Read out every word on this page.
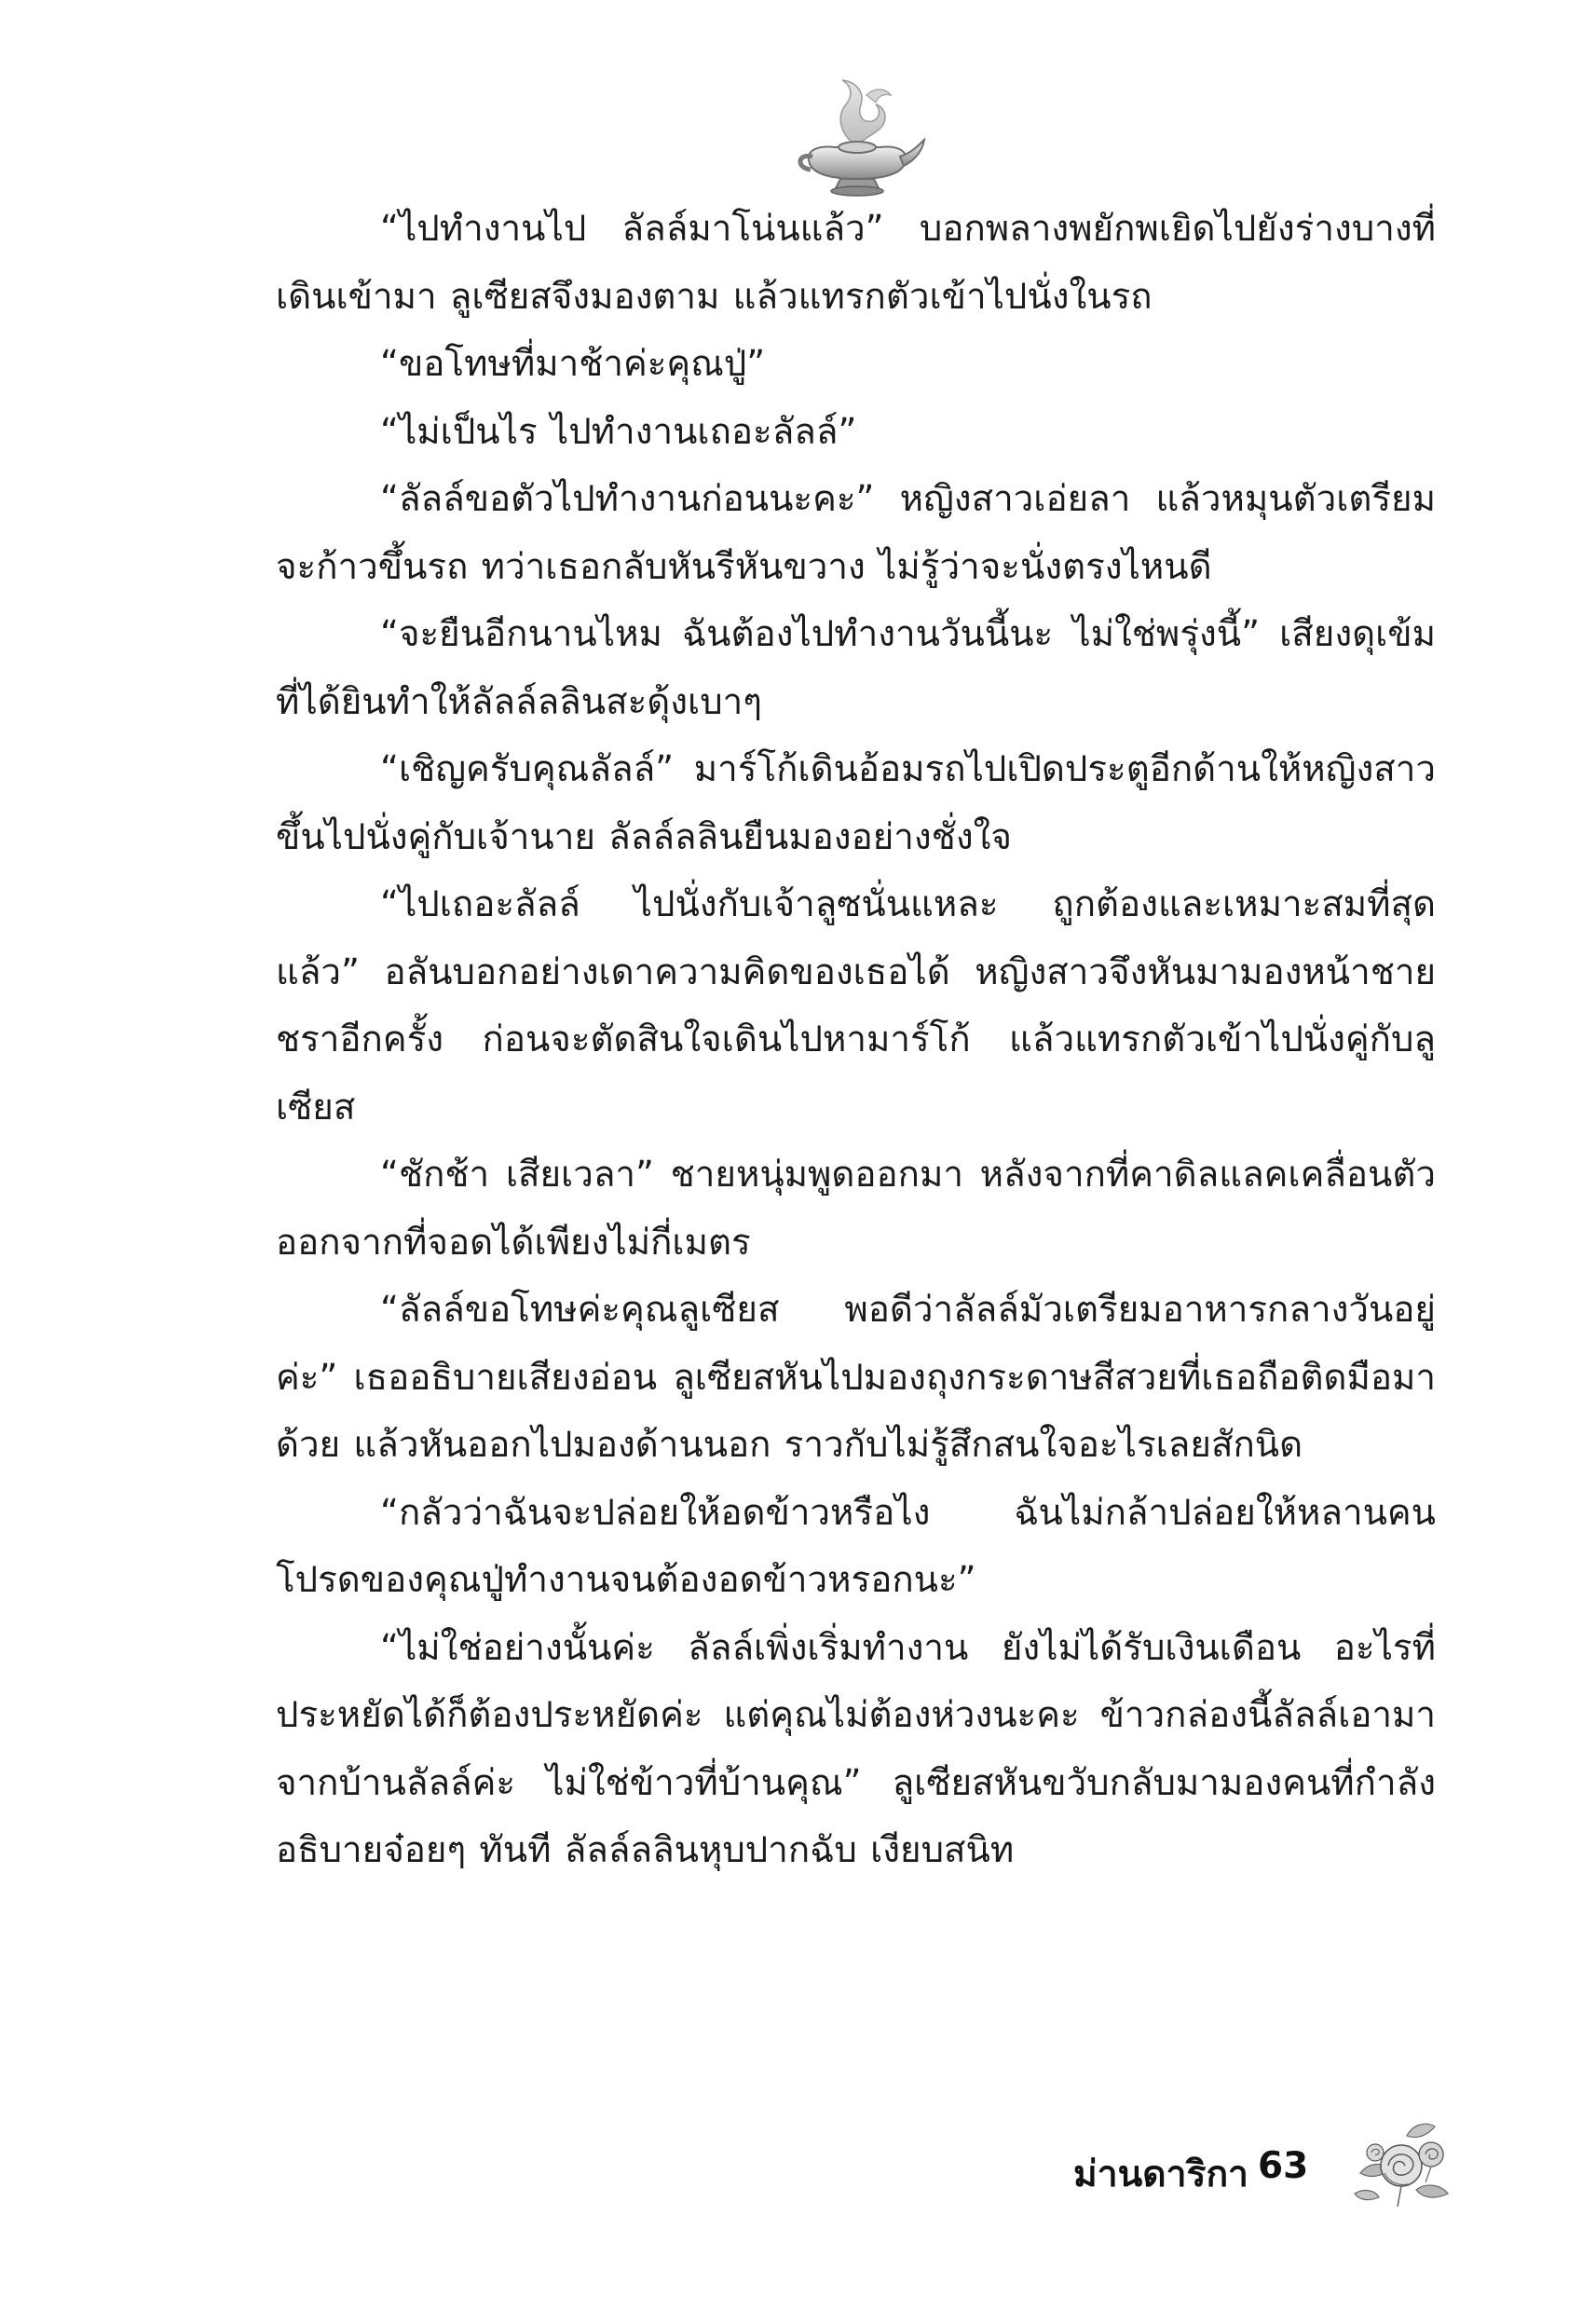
“ไปทำงานไป ลัลล์มาโน่นแล้ว” บอกพลางพยักพเยิดไปยังร่างบางที่เดินเข้ามา ลูเซียสจึงมองตาม แล้วแทรกตัวเข้าไปนั่งในรถ

“ขอโทษที่มาช้าค่ะคุณปู่”

“ไม่เป็นไร ไปทำงานเถอะลัลล์”

“ลัลล์ขอตัวไปทำงานก่อนนะคะ” หญิงสาวเอ่ยลา แล้วหมุนตัวเตรียมจะก้าวขึ้นรถ ทว่าเธอกลับหันรีหันขวาง ไม่รู้ว่าจะนั่งตรงไหนดี

“จะยืนอีกนานไหม ฉันต้องไปทำงานวันนี้นะ ไม่ใช่พรุ่งนี้” เสียงดุเข้มที่ได้ยินทำให้ลัลล์ลลินสะดุ้งเบาๆ

“เชิญครับคุณลัลล์” มาร์โก้เดินอ้อมรถไปเปิดประตูอีกด้านให้หญิงสาวขึ้นไปนั่งคู่กับเจ้านาย ลัลล์ลลินยืนมองอย่างชั่งใจ

“ไปเถอะลัลล์ ไปนั่งกับเจ้าลูซนั่นแหละ ถูกต้องและเหมาะสมที่สุดแล้ว” อลันบอกอย่างเดาความคิดของเธอได้ หญิงสาวจึงหันมามองหน้าชายชราอีกครั้ง ก่อนจะตัดสินใจเดินไปหามาร์โก้ แล้วแทรกตัวเข้าไปนั่งคู่กับลูเซียส

“ชักช้า เสียเวลา” ชายหนุ่มพูดออกมา หลังจากที่คาดิลแลคเคลื่อนตัวออกจากที่จอดได้เพียงไม่กี่เมตร

“ลัลล์ขอโทษค่ะคุณลูเซียส พอดีว่าลัลล์มัวเตรียมอาหารกลางวันอยู่ค่ะ” เธออธิบายเสียงอ่อน ลูเซียสหันไปมองถุงกระดาษสีสวยที่เธอถือติดมือมาด้วย แล้วหันออกไปมองด้านนอก ราวกับไม่รู้สึกสนใจอะไรเลยสักนิด

“กลัวว่าฉันจะปล่อยให้อดข้าวหรือไง ฉันไม่กล้าปล่อยให้หลานคนโปรดของคุณปู่ทำงานจนต้องอดข้าวหรอกนะ”

“ไม่ใช่อย่างนั้นค่ะ ลัลล์เพิ่งเริ่มทำงาน ยังไม่ได้รับเงินเดือน อะไรที่ประหยัดได้ก็ต้องประหยัดค่ะ แต่คุณไม่ต้องห่วงนะคะ ข้าวกล่องนี้ลัลล์เอามาจากบ้านลัลล์ค่ะ ไม่ใช่ข้าวที่บ้านคุณ” ลูเซียสหันขวับกลับมามองคนที่กำลังอธิบายจ๋อยๆ ทันที ลัลล์ลลินหุบปากฉับ เงียบสนิท

ม่านดาริกา 63
